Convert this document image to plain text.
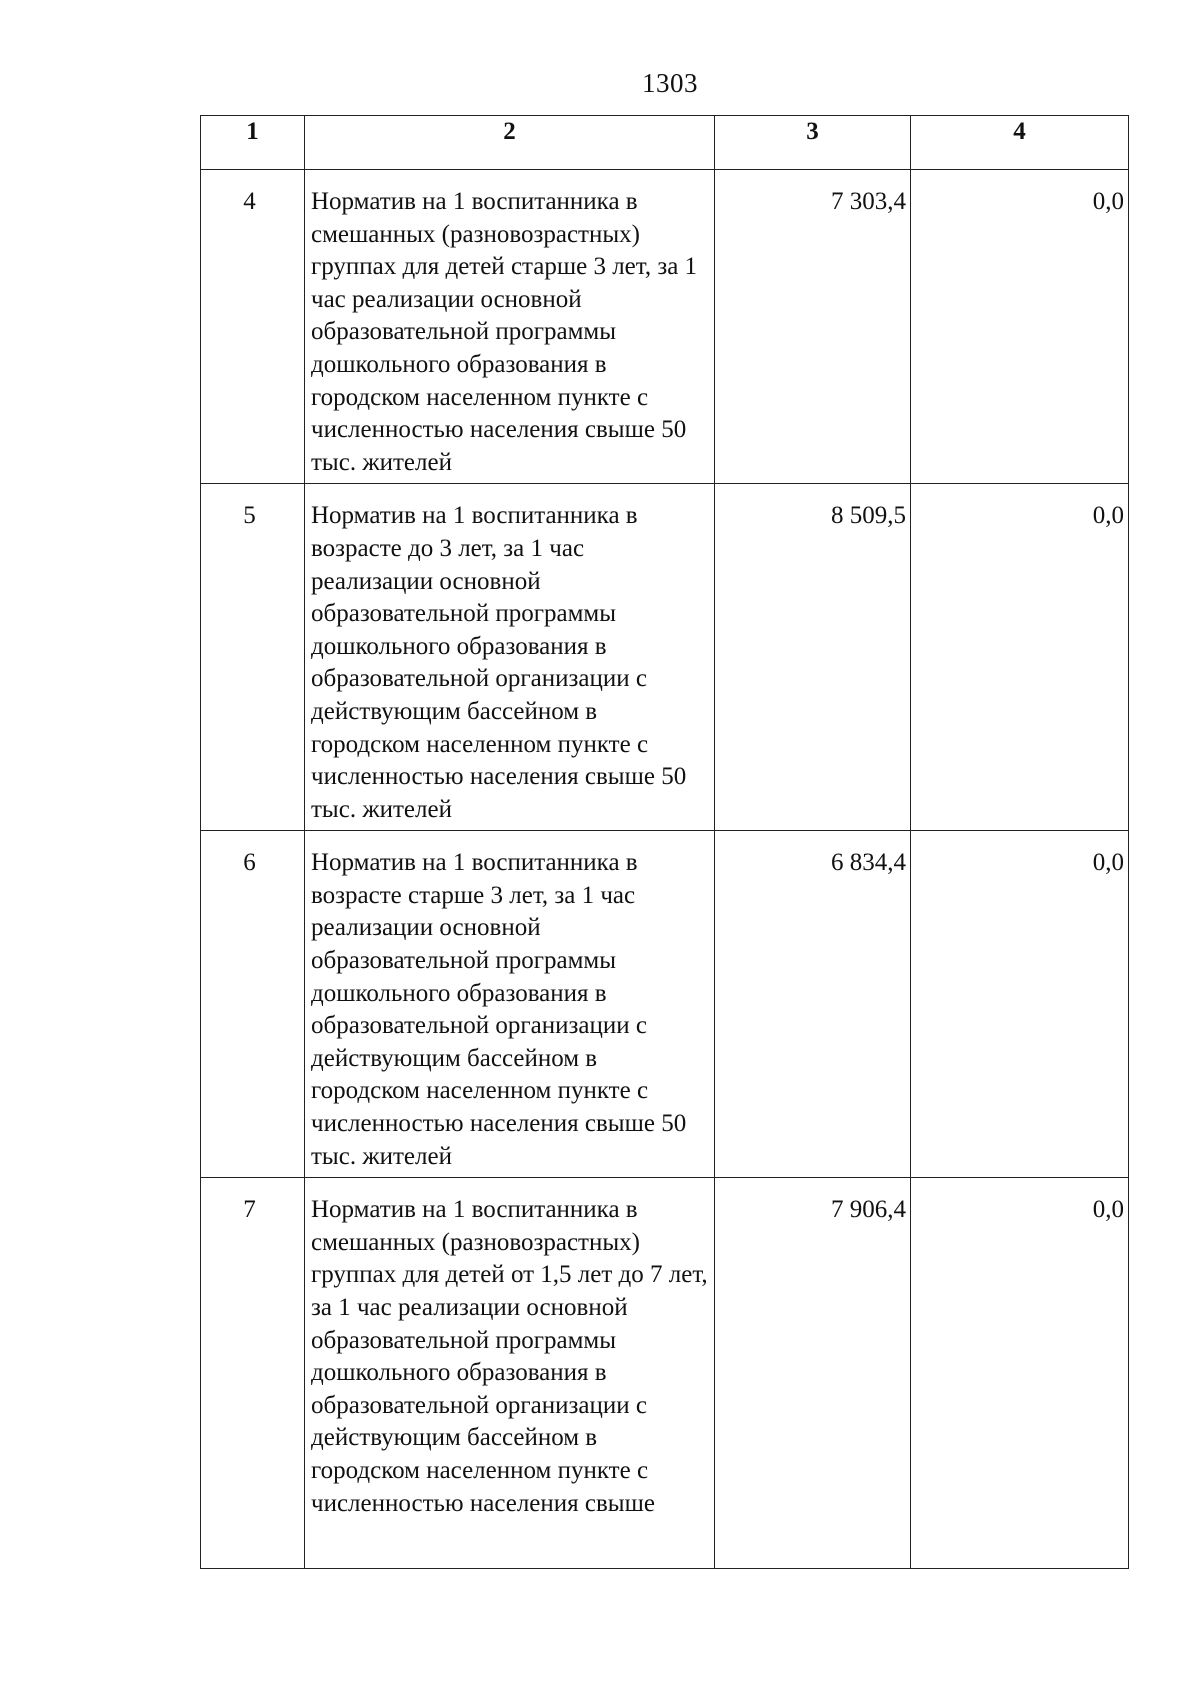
1303
1	2	3	4
4	Норматив на 1 воспитанника в смешанных (разновозрастных) группах для детей старше 3 лет, за 1 час реализации основной образовательной программы дошкольного образования в городском населенном пункте с численностью населения свыше 50 тыс. жителей	7 303,4	0,0
5	Норматив на 1 воспитанника в возрасте до 3 лет, за 1 час реализации основной образовательной программы дошкольного образования в образовательной организации с действующим бассейном в городском населенном пункте с численностью населения свыше 50 тыс. жителей	8 509,5	0,0
6	Норматив на 1 воспитанника в возрасте старше 3 лет, за 1 час реализации основной образовательной программы дошкольного образования в образовательной организации с действующим бассейном в городском населенном пункте с численностью населения свыше 50 тыс. жителей	6 834,4	0,0
7	Норматив на 1 воспитанника в смешанных (разновозрастных) группах для детей от 1,5 лет до 7 лет, за 1 час реализации основной образовательной программы дошкольного образования в образовательной организации с действующим бассейном в городском населенном пункте с численностью населения свыше	7 906,4	0,0
